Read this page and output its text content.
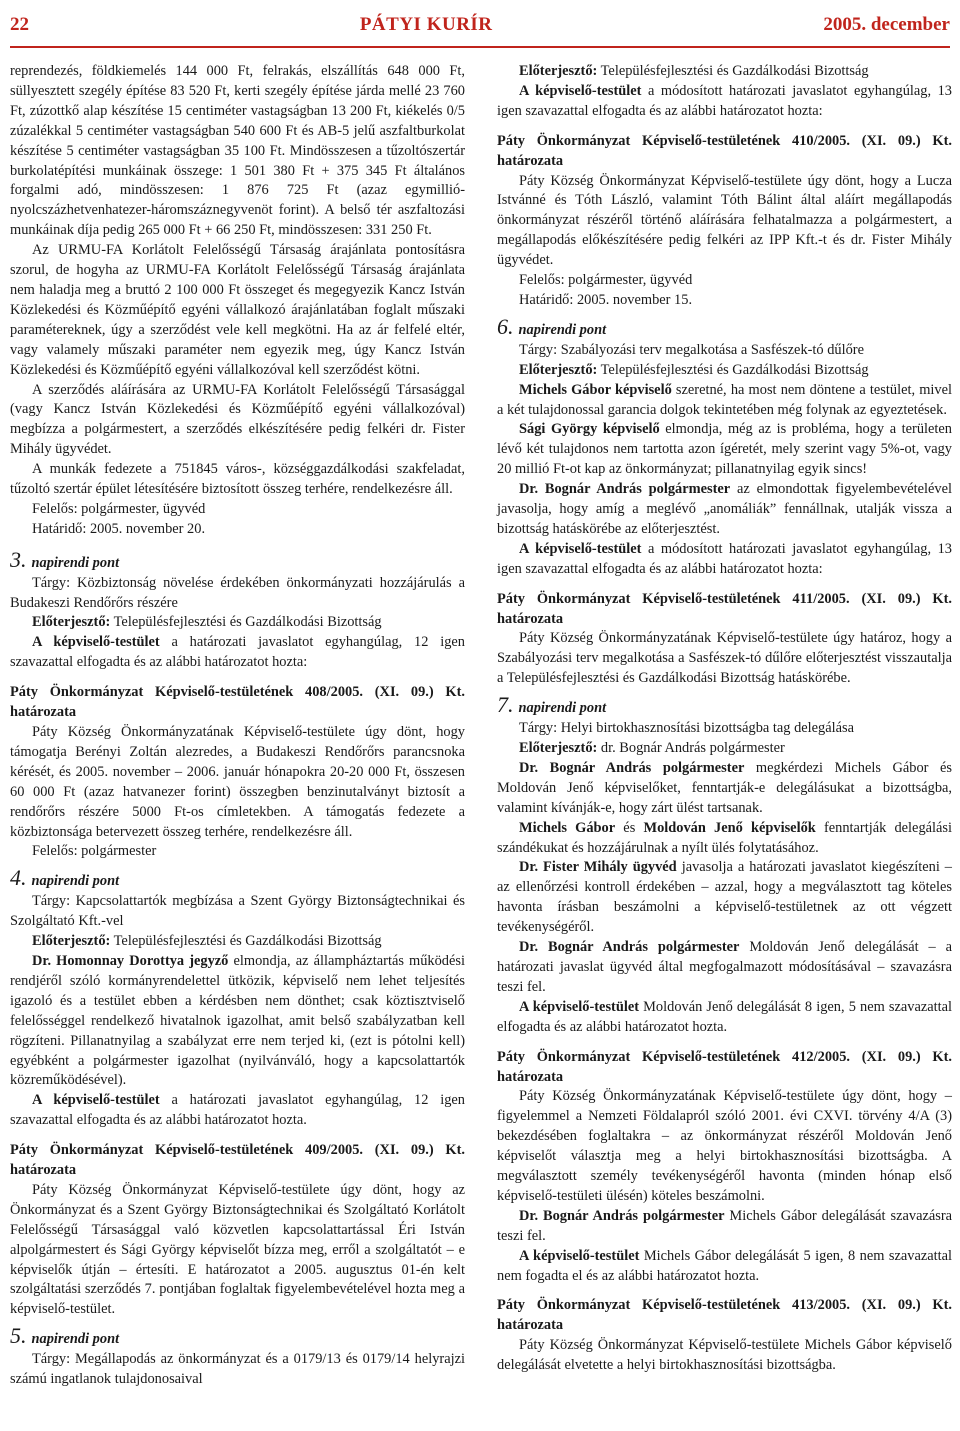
22	PÁTYI KURÍR	2005. december

reprendezés, földkiemelés 144 000 Ft, felrakás, elszállítás 648 000 Ft, süllyesztett szegély építése 83 520 Ft, kerti szegély építése járda mellé 23 760 Ft, zúzottkő alap készítése 15 centiméter vastagságban 13 200 Ft, kiékelés 0/5 zúzalékkal 5 centiméter vastagságban 540 600 Ft és AB-5 jelű aszfaltburkolat készítése 5 centiméter vastagságban 35 100 Ft. Mindösszesen a tűzoltószertár burkolatépítési munkáinak összege: 1 501 380 Ft + 375 345 Ft általános forgalmi adó, mindösszesen: 1 876 725 Ft (azaz egymillió-nyolcszázhetvenhatezer-háromszáznegyvenöt forint). A belső tér aszfaltozási munkáinak díja pedig 265 000 Ft + 66 250 Ft, mindösszesen: 331 250 Ft.

Az URMU-FA Korlátolt Felelősségű Társaság árajánlata pontosításra szorul, de hogyha az URMU-FA Korlátolt Felelősségű Társaság árajánlata nem haladja meg a bruttó 2 100 000 Ft összeget és megegyezik Kancz István Közlekedési és Közműépítő egyéni vállalkozó árajánlatában foglalt műszaki paramétereknek, úgy a szerződést vele kell megkötni. Ha az ár felfelé eltér, vagy valamely műszaki paraméter nem egyezik meg, úgy Kancz István Közlekedési és Közműépítő egyéni vállalkozóval kell szerződést kötni.

A szerződés aláírására az URMU-FA Korlátolt Felelősségű Társasággal (vagy Kancz István Közlekedési és Közműépítő egyéni vállalkozóval) megbízza a polgármestert, a szerződés elkészítésére pedig felkéri dr. Fister Mihály ügyvédet.

A munkák fedezete a 751845 város-, községgazdálkodási szakfeladat, tűzoltó szertár épület létesítésére biztosított összeg terhére, rendelkezésre áll.

Felelős: polgármester, ügyvéd

Határidő: 2005. november 20.

3. napirendi pont

Tárgy: Közbiztonság növelése érdekében önkormányzati hozzájárulás a Budakeszi Rendőrőrs részére

Előterjesztő: Településfejlesztési és Gazdálkodási Bizottság

A képviselő-testület a határozati javaslatot egyhangúlag, 12 igen szavazattal elfogadta és az alábbi határozatot hozta:

Páty Önkormányzat Képviselő-testületének 408/2005. (XI. 09.) Kt. határozata

Páty Község Önkormányzatának Képviselő-testülete úgy dönt, hogy támogatja Berényi Zoltán alezredes, a Budakeszi Rendőrőrs parancsnoka kérését, és 2005. november – 2006. január hónapokra 20-20 000 Ft, összesen 60 000 Ft (azaz hatvanezer forint) összegben benzinutalványt biztosít a rendőrőrs részére 5000 Ft-os címletekben. A támogatás fedezete a közbiztonsága betervezett összeg terhére, rendelkezésre áll.

Felelős: polgármester

4. napirendi pont

Tárgy: Kapcsolattartók megbízása a Szent György Biztonságtechnikai és Szolgáltató Kft.-vel

Előterjesztő: Településfejlesztési és Gazdálkodási Bizottság

Dr. Homonnay Dorottya jegyző elmondja, az állampháztartás működési rendjéről szóló kormányrendelettel ütközik, képviselő nem lehet teljesítés igazoló és a testület ebben a kérdésben nem dönthet; csak köztisztviselő felelősséggel rendelkező hivatalnok igazolhat, amit belső szabályzatban kell rögzíteni. Pillanatnyilag a szabályzat erre nem terjed ki, (ezt is pótolni kell) egyébként a polgármester igazolhat (nyilvánváló, hogy a kapcsolattartók közreműködésével).

A képviselő-testület a határozati javaslatot egyhangúlag, 12 igen szavazattal elfogadta és az alábbi határozatot hozta.

Páty Önkormányzat Képviselő-testületének 409/2005. (XI. 09.) Kt. határozata

Páty Község Önkormányzat Képviselő-testülete úgy dönt, hogy az Önkormányzat és a Szent György Biztonságtechnikai és Szolgáltató Korlátolt Felelősségű Társasággal való közvetlen kapcsolattartással Éri István alpolgármestert és Sági György képviselőt bízza meg, erről a szolgáltatót – e képviselők útján – értesíti. E határozatot a 2005. augusztus 01-én kelt szolgáltatási szerződés 7. pontjában foglaltak figyelembevételével hozta meg a képviselő-testület.

5. napirendi pont

Tárgy: Megállapodás az önkormányzat és a 0179/13 és 0179/14 helyrajzi számú ingatlanok tulajdonosaival

Előterjesztő: Településfejlesztési és Gazdálkodási Bizottság

A képviselő-testület a módosított határozati javaslatot egyhangúlag, 13 igen szavazattal elfogadta és az alábbi határozatot hozta:

Páty Önkormányzat Képviselő-testületének 410/2005. (XI. 09.) Kt. határozata

Páty Község Önkormányzat Képviselő-testülete úgy dönt, hogy a Lucza Istvánné és Tóth László, valamint Tóth Bálint által aláírt megállapodás önkormányzat részéről történő aláírására felhatalmazza a polgármestert, a megállapodás előkészítésére pedig felkéri az IPP Kft.-t és dr. Fister Mihály ügyvédet.

Felelős: polgármester, ügyvéd

Határidő: 2005. november 15.

6. napirendi pont

Tárgy: Szabályozási terv megalkotása a Sasfészek-tó dűlőre

Előterjesztő: Településfejlesztési és Gazdálkodási Bizottság

Michels Gábor képviselő szeretné, ha most nem döntene a testület, mivel a két tulajdonossal garancia dolgok tekintetében még folynak az egyeztetések.

Sági György képviselő elmondja, még az is probléma, hogy a területen lévő két tulajdonos nem tartotta azon ígéretét, mely szerint vagy 5%-ot, vagy 20 millió Ft-ot kap az önkormányzat; pillanatnyilag egyik sincs!

Dr. Bognár András polgármester az elmondottak figyelembevételével javasolja, hogy amíg a meglévő „anomáliák” fennállnak, utalják vissza a bizottság hatáskörébe az előterjesztést.

A képviselő-testület a módosított határozati javaslatot egyhangúlag, 13 igen szavazattal elfogadta és az alábbi határozatot hozta:

Páty Önkormányzat Képviselő-testületének 411/2005. (XI. 09.) Kt. határozata

Páty Község Önkormányzatának Képviselő-testülete úgy határoz, hogy a Szabályozási terv megalkotása a Sasfészek-tó dűlőre előterjesztést visszautalja a Településfejlesztési és Gazdálkodási Bizottság hatáskörébe.

7. napirendi pont

Tárgy: Helyi birtokhasznosítási bizottságba tag delegálása

Előterjesztő: dr. Bognár András polgármester

Dr. Bognár András polgármester megkérdezi Michels Gábor és Moldován Jenő képviselőket, fenntartják-e delegálásukat a bizottságba, valamint kívánják-e, hogy zárt ülést tartsanak.

Michels Gábor és Moldován Jenő képviselők fenntartják delegálási szándékukat és hozzájárulnak a nyílt ülés folytatásához.

Dr. Fister Mihály ügyvéd javasolja a határozati javaslatot kiegészíteni – az ellenőrzési kontroll érdekében – azzal, hogy a megválasztott tag köteles havonta írásban beszámolni a képviselő-testületnek az ott végzett tevékenységéről.

Dr. Bognár András polgármester Moldován Jenő delegálását – a határozati javaslat ügyvéd által megfogalmazott módosításával – szavazásra teszi fel.

A képviselő-testület Moldován Jenő delegálását 8 igen, 5 nem szavazattal elfogadta és az alábbi határozatot hozta.

Páty Önkormányzat Képviselő-testületének 412/2005. (XI. 09.) Kt. határozata

Páty Község Önkormányzatának Képviselő-testülete úgy dönt, hogy – figyelemmel a Nemzeti Földalapról szóló 2001. évi CXVI. törvény 4/A (3) bekezdésében foglaltakra – az önkormányzat részéről Moldován Jenő képviselőt választja meg a helyi birtokhasznosítási bizottságba. A megválasztott személy tevékenységéről havonta (minden hónap első képviselő-testületi ülésén) köteles beszámolni.

Dr. Bognár András polgármester Michels Gábor delegálását szavazásra teszi fel.

A képviselő-testület Michels Gábor delegálását 5 igen, 8 nem szavazattal nem fogadta el és az alábbi határozatot hozta.

Páty Önkormányzat Képviselő-testületének 413/2005. (XI. 09.) Kt. határozata

Páty Község Önkormányzat Képviselő-testülete Michels Gábor képviselő delegálását elvetette a helyi birtokhasznosítási bizottságba.
